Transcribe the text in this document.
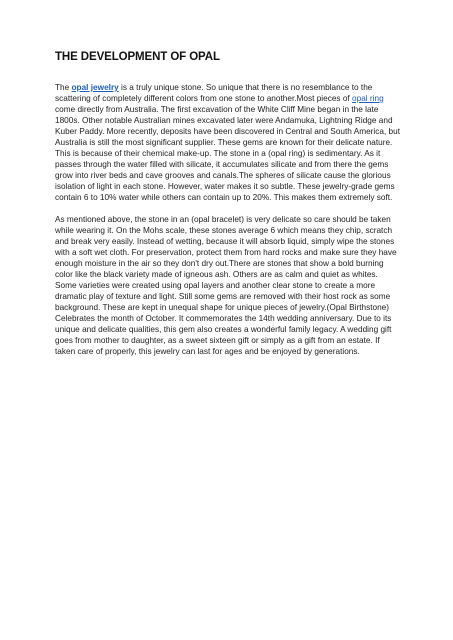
THE DEVELOPMENT OF OPAL

The opal jewelry is a truly unique stone. So unique that there is no resemblance to the scattering of completely different colors from one stone to another.Most pieces of opal ring come directly from Australia. The first excavation of the White Cliff Mine began in the late 1800s. Other notable Australian mines excavated later were Andamuka, Lightning Ridge and Kuber Paddy. More recently, deposits have been discovered in Central and South America, but Australia is still the most significant supplier. These gems are known for their delicate nature. This is because of their chemical make-up. The stone in a (opal ring) is sedimentary. As it passes through the water filled with silicate, it accumulates silicate and from there the gems grow into river beds and cave grooves and canals.The spheres of silicate cause the glorious isolation of light in each stone. However, water makes it so subtle. These jewelry-grade gems contain 6 to 10% water while others can contain up to 20%. This makes them extremely soft.

As mentioned above, the stone in an (opal bracelet) is very delicate so care should be taken while wearing it. On the Mohs scale, these stones average 6 which means they chip, scratch and break very easily. Instead of wetting, because it will absorb liquid, simply wipe the stones with a soft wet cloth. For preservation, protect them from hard rocks and make sure they have enough moisture in the air so they don't dry out.There are stones that show a bold burning color like the black variety made of igneous ash. Others are as calm and quiet as whites. Some varieties were created using opal layers and another clear stone to create a more dramatic play of texture and light. Still some gems are removed with their host rock as some background. These are kept in unequal shape for unique pieces of jewelry.(Opal Birthstone) Celebrates the month of October. It commemorates the 14th wedding anniversary. Due to its unique and delicate qualities, this gem also creates a wonderful family legacy. A wedding gift goes from mother to daughter, as a sweet sixteen gift or simply as a gift from an estate. If taken care of properly, this jewelry can last for ages and be enjoyed by generations.
